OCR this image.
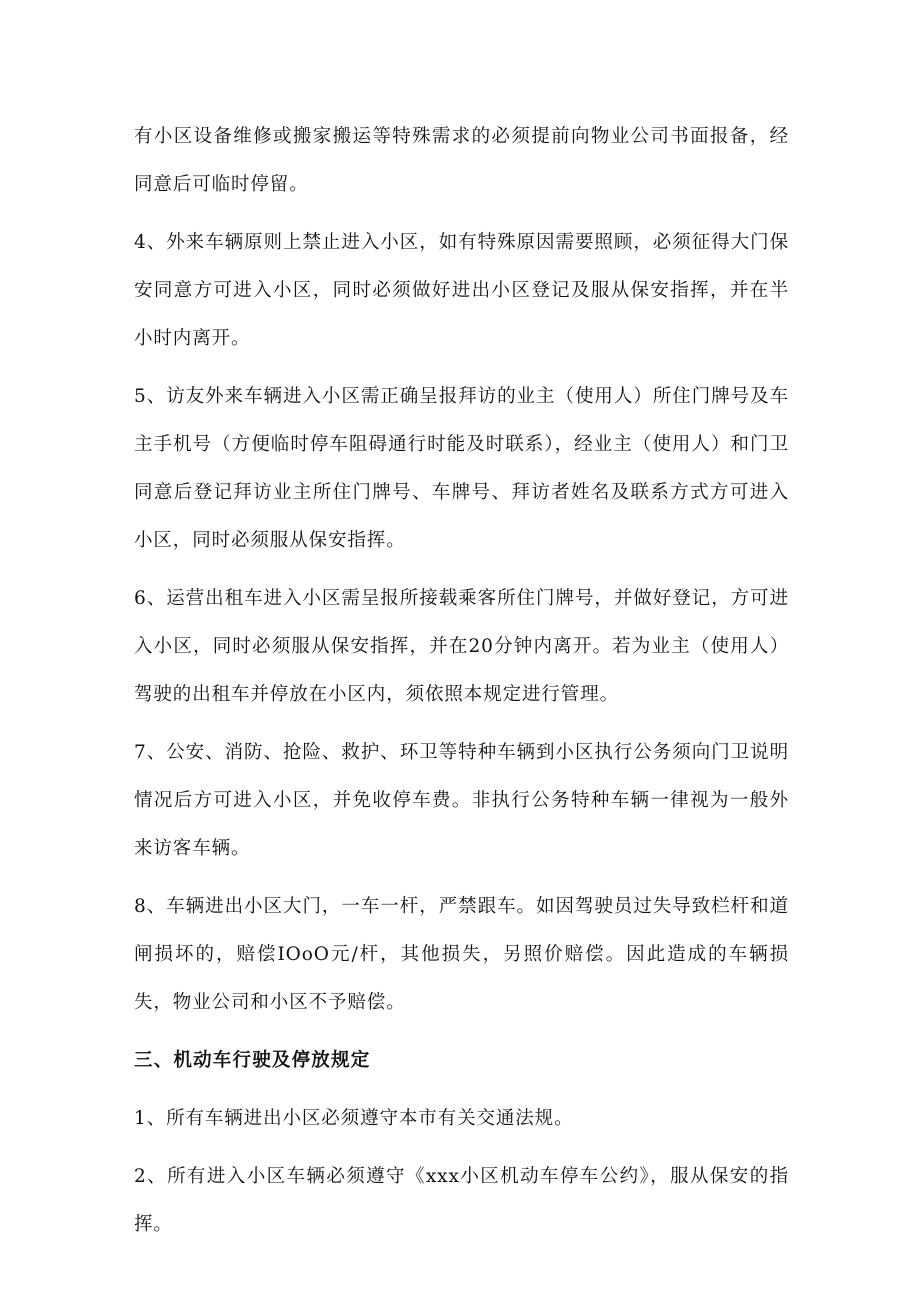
有小区设备维修或搬家搬运等特殊需求的必须提前向物业公司书面报备，经同意后可临时停留。

4、外来车辆原则上禁止进入小区，如有特殊原因需要照顾，必须征得大门保安同意方可进入小区，同时必须做好进出小区登记及服从保安指挥，并在半小时内离开。

5、访友外来车辆进入小区需正确呈报拜访的业主（使用人）所住门牌号及车主手机号（方便临时停车阻碍通行时能及时联系），经业主（使用人）和门卫同意后登记拜访业主所住门牌号、车牌号、拜访者姓名及联系方式方可进入小区，同时必须服从保安指挥。

6、运营出租车进入小区需呈报所接载乘客所住门牌号，并做好登记，方可进入小区，同时必须服从保安指挥，并在20分钟内离开。若为业主（使用人）驾驶的出租车并停放在小区内，须依照本规定进行管理。

7、公安、消防、抢险、救护、环卫等特种车辆到小区执行公务须向门卫说明情况后方可进入小区，并免收停车费。非执行公务特种车辆一律视为一般外来访客车辆。

8、车辆进出小区大门，一车一杆，严禁跟车。如因驾驶员过失导致栏杆和道闸损坏的，赔偿IOoO元/杆，其他损失，另照价赔偿。因此造成的车辆损失，物业公司和小区不予赔偿。

三、机动车行驶及停放规定

1、所有车辆进出小区必须遵守本市有关交通法规。

2、所有进入小区车辆必须遵守《xxx小区机动车停车公约》，服从保安的指挥。
